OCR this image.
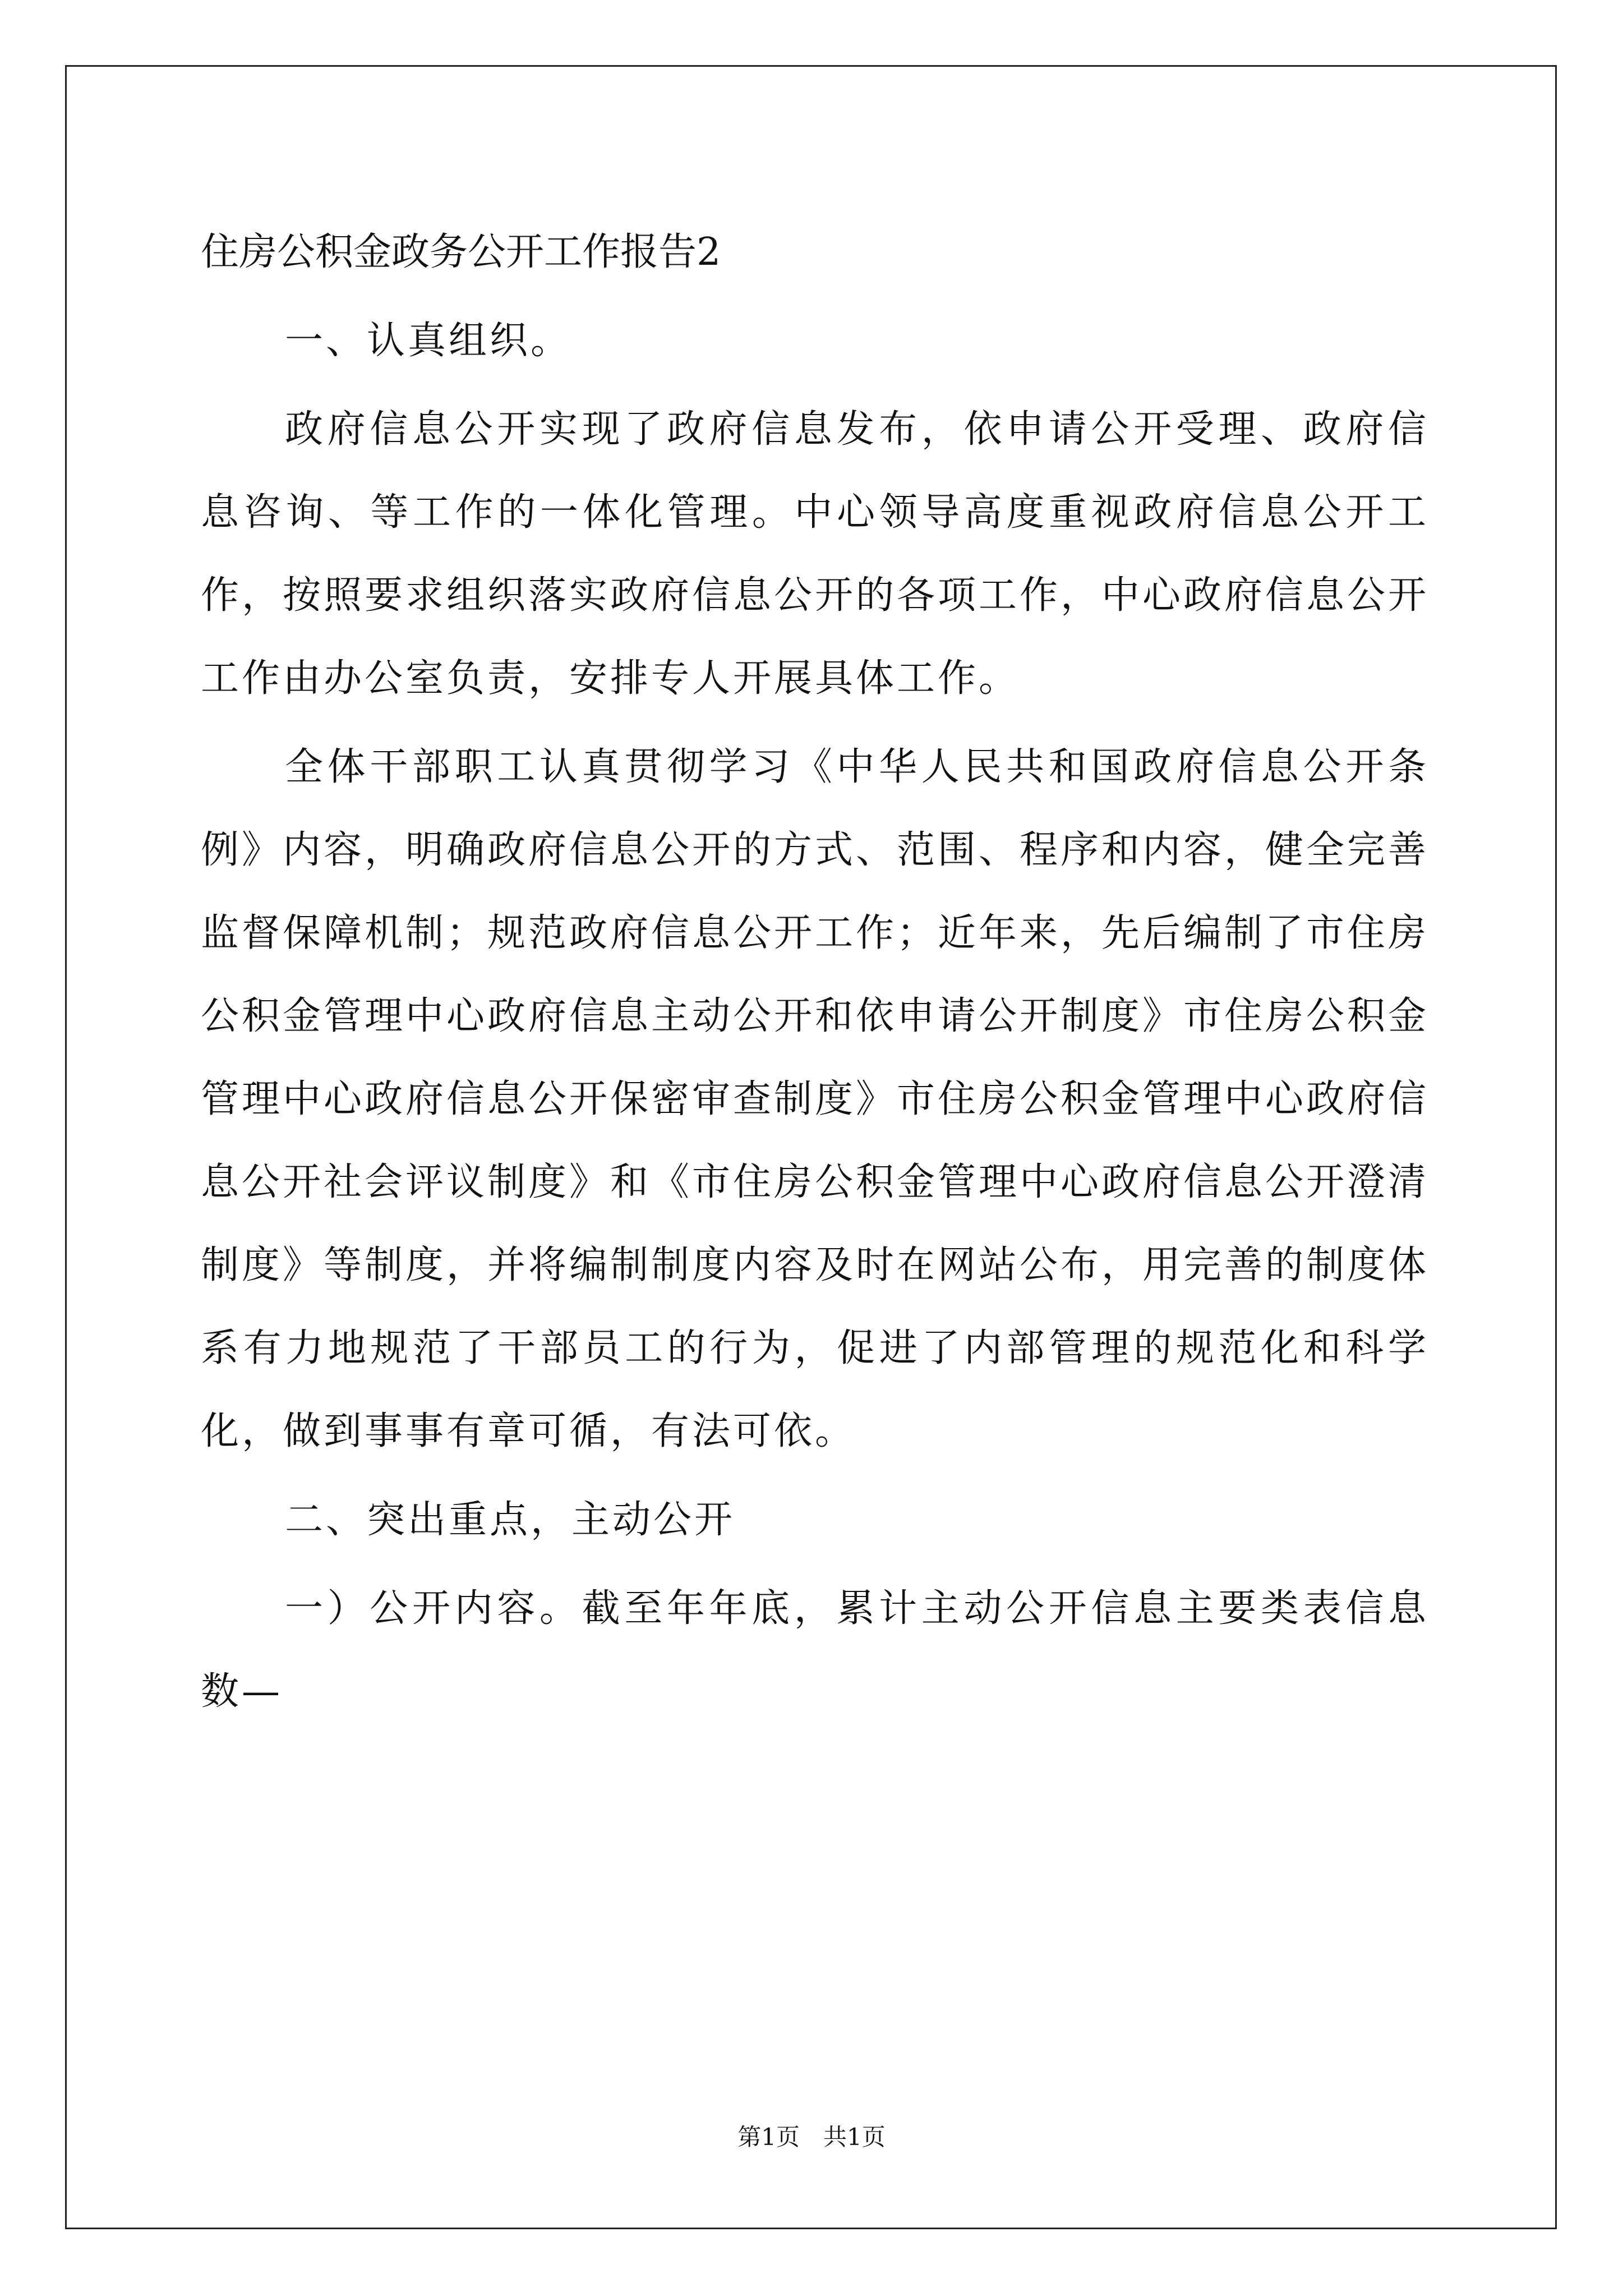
住房公积金政务公开工作报告2

一、认真组织。

政府信息公开实现了政府信息发布，依申请公开受理、政府信息咨询、等工作的一体化管理。中心领导高度重视政府信息公开工作，按照要求组织落实政府信息公开的各项工作，中心政府信息公开工作由办公室负责，安排专人开展具体工作。

全体干部职工认真贯彻学习《中华人民共和国政府信息公开条例》内容，明确政府信息公开的方式、范围、程序和内容，健全完善监督保障机制；规范政府信息公开工作；近年来，先后编制了市住房公积金管理中心政府信息主动公开和依申请公开制度》市住房公积金管理中心政府信息公开保密审查制度》市住房公积金管理中心政府信息公开社会评议制度》和《市住房公积金管理中心政府信息公开澄清制度》等制度，并将编制制度内容及时在网站公布，用完善的制度体系有力地规范了干部员工的行为，促进了内部管理的规范化和科学化，做到事事有章可循，有法可依。

二、突出重点，主动公开

一）公开内容。截至年年底，累计主动公开信息主要类表信息数—

第1页　共1页
